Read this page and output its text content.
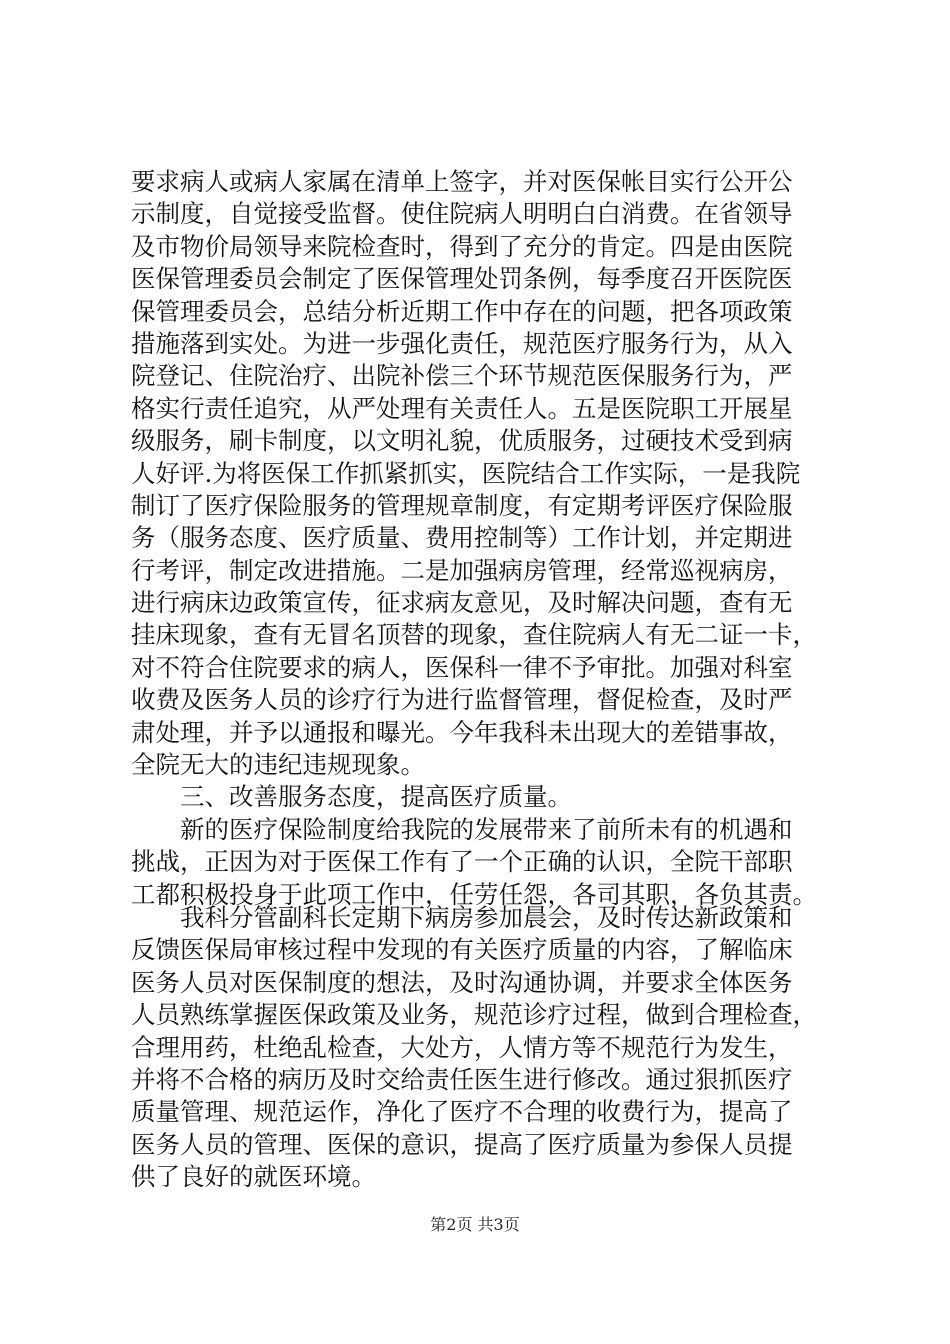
要求病人或病人家属在清单上签字，并对医保帐目实行公开公
示制度，自觉接受监督。使住院病人明明白白消费。在省领导
及市物价局领导来院检查时，得到了充分的肯定。四是由医院
医保管理委员会制定了医保管理处罚条例，每季度召开医院医
保管理委员会，总结分析近期工作中存在的问题，把各项政策
措施落到实处。为进一步强化责任，规范医疗服务行为，从入
院登记、住院治疗、出院补偿三个环节规范医保服务行为，严
格实行责任追究，从严处理有关责任人。五是医院职工开展星
级服务，刷卡制度，以文明礼貌，优质服务，过硬技术受到病
人好评.为将医保工作抓紧抓实，医院结合工作实际，一是我院
制订了医疗保险服务的管理规章制度，有定期考评医疗保险服
务（服务态度、医疗质量、费用控制等）工作计划，并定期进
行考评，制定改进措施。二是加强病房管理，经常巡视病房，
进行病床边政策宣传，征求病友意见，及时解决问题，查有无
挂床现象，查有无冒名顶替的现象，查住院病人有无二证一卡，
对不符合住院要求的病人，医保科一律不予审批。加强对科室
收费及医务人员的诊疗行为进行监督管理，督促检查，及时严
肃处理，并予以通报和曝光。今年我科未出现大的差错事故，
全院无大的违纪违规现象。
三、改善服务态度，提高医疗质量。
新的医疗保险制度给我院的发展带来了前所未有的机遇和
挑战，正因为对于医保工作有了一个正确的认识，全院干部职
工都积极投身于此项工作中，任劳任怨，各司其职，各负其责。
我科分管副科长定期下病房参加晨会，及时传达新政策和
反馈医保局审核过程中发现的有关医疗质量的内容，了解临床
医务人员对医保制度的想法，及时沟通协调，并要求全体医务
人员熟练掌握医保政策及业务，规范诊疗过程，做到合理检查，
合理用药，杜绝乱检查，大处方，人情方等不规范行为发生，
并将不合格的病历及时交给责任医生进行修改。通过狠抓医疗
质量管理、规范运作，净化了医疗不合理的收费行为，提高了
医务人员的管理、医保的意识，提高了医疗质量为参保人员提
供了良好的就医环境。
第2页 共3页
